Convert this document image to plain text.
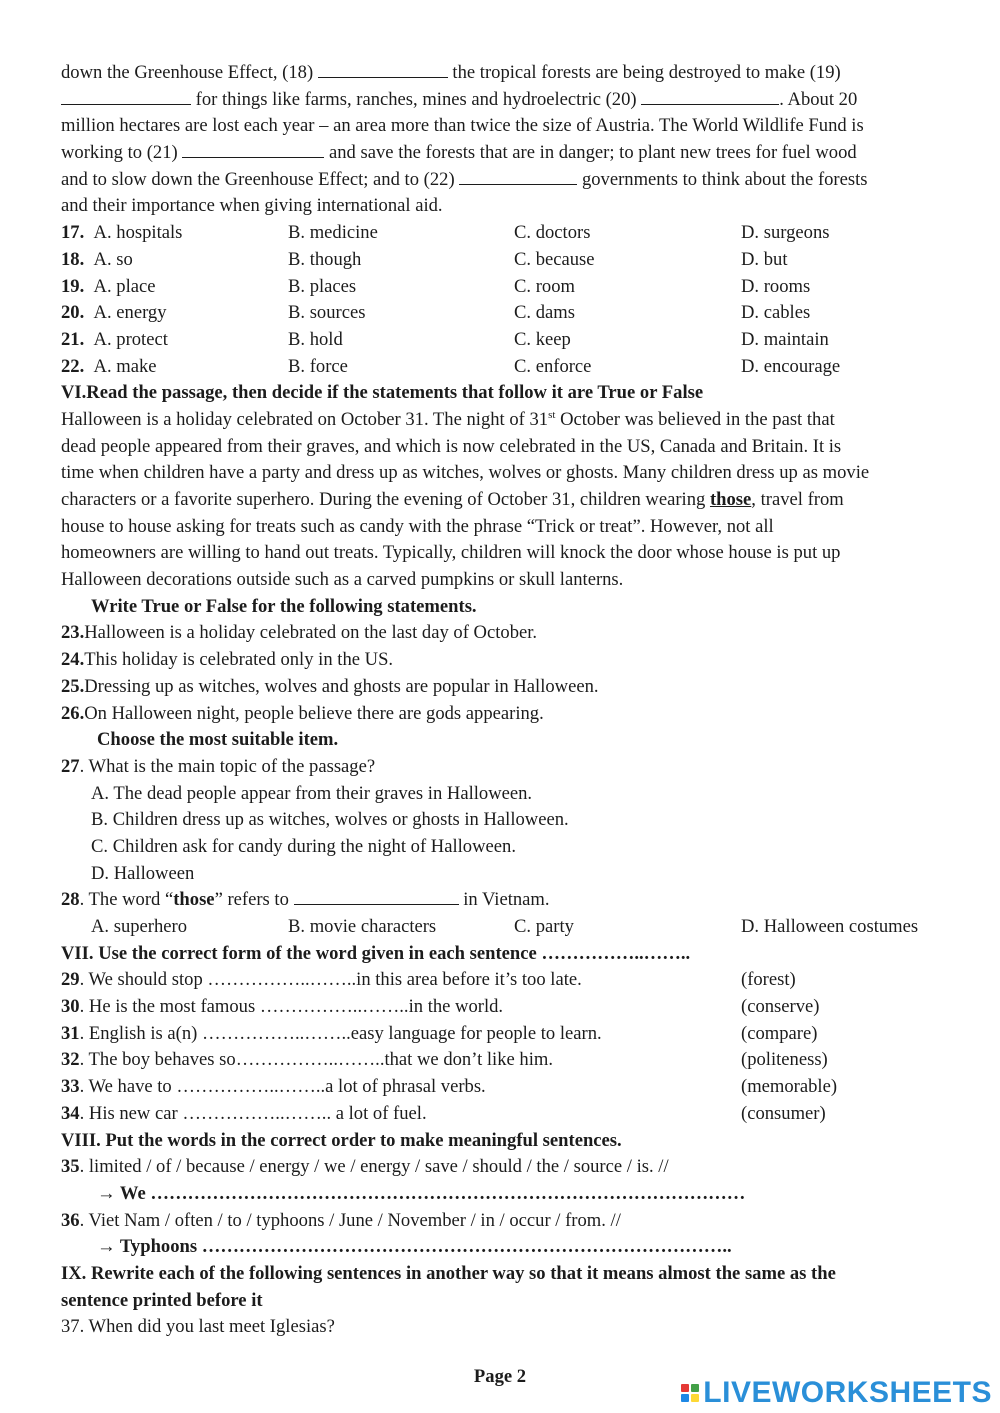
down the Greenhouse Effect, (18)	the tropical forests are being destroyed to make (19)
for things like farms, ranches, mines and hydroelectric (20)	. About 20
million hectares are lost each year – an area more than twice the size of Austria. The World Wildlife Fund is
working to (21)	and save the forests that are in danger; to plant new trees for fuel wood
and to slow down the Greenhouse Effect; and to (22)	governments to think about the forests
and their importance when giving international aid.
17. A. hospitals	B. medicine	C. doctors	D. surgeons
18. A. so	B. though	C. because	D. but
19. A. place	B. places	C. room	D. rooms
20. A. energy	B. sources	C. dams	D. cables
21. A. protect	B. hold	C. keep	D. maintain
22. A. make	B. force	C. enforce	D. encourage
VI.Read the passage, then decide if the statements that follow it are True or False
Halloween is a holiday celebrated on October 31. The night of 31st October was believed in the past that
dead people appeared from their graves, and which is now celebrated in the US, Canada and Britain. It is
time when children have a party and dress up as witches, wolves or ghosts. Many children dress up as movie
characters or a favorite superhero. During the evening of October 31, children wearing those, travel from
house to house asking for treats such as candy with the phrase “Trick or treat”. However, not all
homeowners are willing to hand out treats. Typically, children will knock the door whose house is put up
Halloween decorations outside such as a carved pumpkins or skull lanterns.
Write True or False for the following statements.
23.Halloween is a holiday celebrated on the last day of October.
24.This holiday is celebrated only in the US.
25.Dressing up as witches, wolves and ghosts are popular in Halloween.
26.On Halloween night, people believe there are gods appearing.
Choose the most suitable item.
27. What is the main topic of the passage?
A. The dead people appear from their graves in Halloween.
B. Children dress up as witches, wolves or ghosts in Halloween.
C. Children ask for candy during the night of Halloween.
D. Halloween
28. The word “those” refers to	in Vietnam.
A. superhero	B. movie characters	C. party	D. Halloween costumes
VII. Use the correct form of the word given in each sentence ……………..……..
29. We should stop ……………..……..in this area before it’s too late.	(forest)
30. He is the most famous ……………..……..in the world.	(conserve)
31. English is a(n) ……………..……..easy language for people to learn.	(compare)
32. The boy behaves so……………..……..that we don’t like him.	(politeness)
33. We have to ……………..……..a lot of phrasal verbs.	(memorable)
34. His new car ……………..…….. a lot of fuel.	(consumer)
VIII. Put the words in the correct order to make meaningful sentences.
35. limited / of / because / energy / we / energy / save / should / the / source / is. //
→ We ……………………………………………………………………………………
36. Viet Nam / often / to / typhoons / June / November / in / occur / from. //
→ Typhoons …………………………………………………………………………..
IX. Rewrite each of the following sentences in another way so that it means almost the same as the
sentence printed before it
37. When did you last meet Iglesias?
Page 2	LIVEWORKSHEETS
